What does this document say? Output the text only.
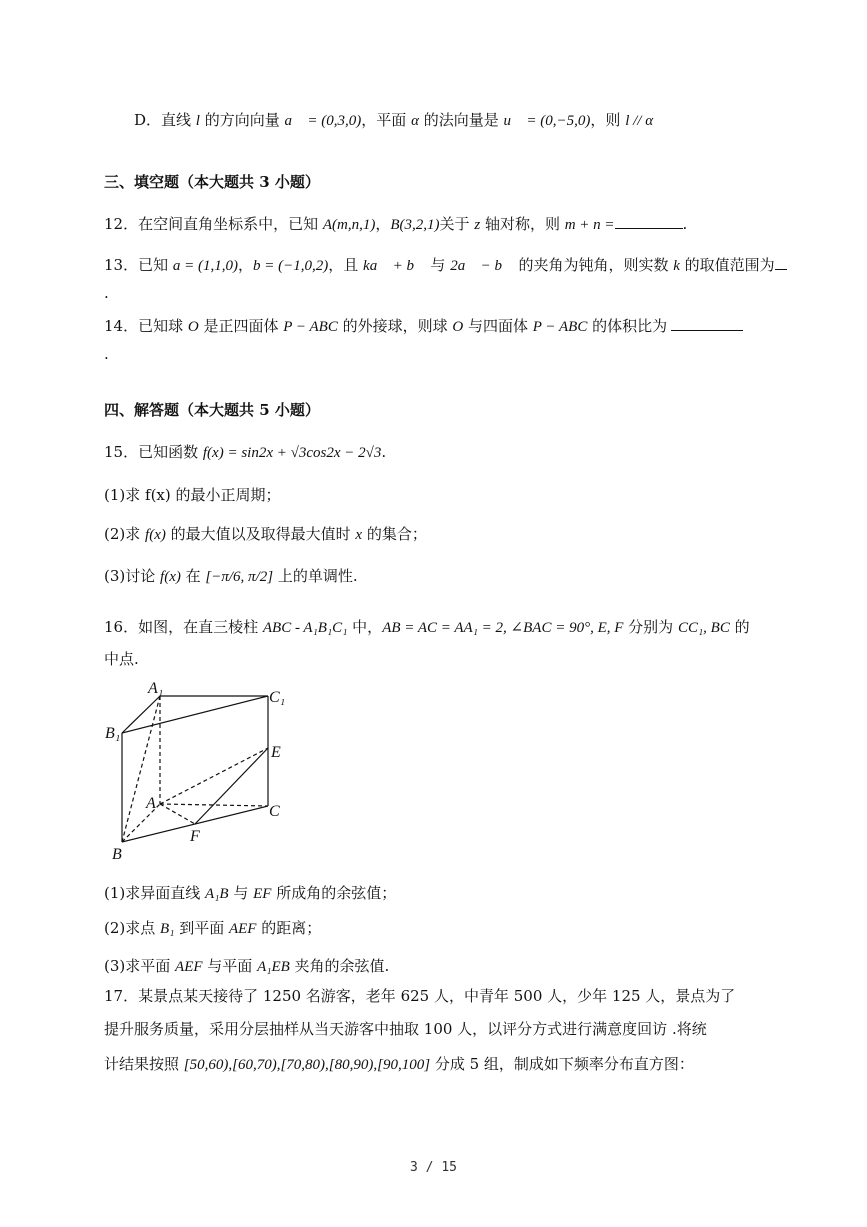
D．直线 l 的方向向量 a⃗ = (0,3,0)，平面 α 的法向量是 u⃗ = (0,−5,0)，则 l // α
三、填空题（本大题共 3 小题）
12．在空间直角坐标系中，已知 A(m,n,1)，B(3,2,1)关于 z 轴对称，则 m + n =	.
13．已知 a = (1,1,0)，b = (−1,0,2)，且 ka⃗ + b⃗ 与 2a⃗ − b⃗ 的夹角为钝角，则实数 k 的取值范围为
.
14．已知球 O 是正四面体 P − ABC 的外接球，则球 O 与四面体 P − ABC 的体积比为
.
四、解答题（本大题共 5 小题）
15．已知函数 f(x) = sin2x + √3cos2x − 2√3.
(1)求 f(x) 的最小正周期；
(2)求 f(x) 的最大值以及取得最大值时 x 的集合；
(3)讨论 f(x) 在 [−π/6, π/2] 上的单调性.
16．如图，在直三棱柱 ABC - A₁B₁C₁ 中，AB = AC = AA₁ = 2, ∠BAC = 90°, E, F 分别为 CC₁, BC 的
中点.
A₁
C₁
B₁
E
A	C
F
B
(1)求异面直线 A₁B 与 EF 所成角的余弦值；
(2)求点 B₁ 到平面 AEF 的距离；
(3)求平面 AEF 与平面 A₁EB 夹角的余弦值.
17．某景点某天接待了 1250 名游客，老年 625 人，中青年 500 人，少年 125 人，景点为了
提升服务质量，采用分层抽样从当天游客中抽取 100 人，以评分方式进行满意度回访 .将统
计结果按照 [50,60),[60,70),[70,80),[80,90),[90,100] 分成 5 组，制成如下频率分布直方图：
3 / 15
